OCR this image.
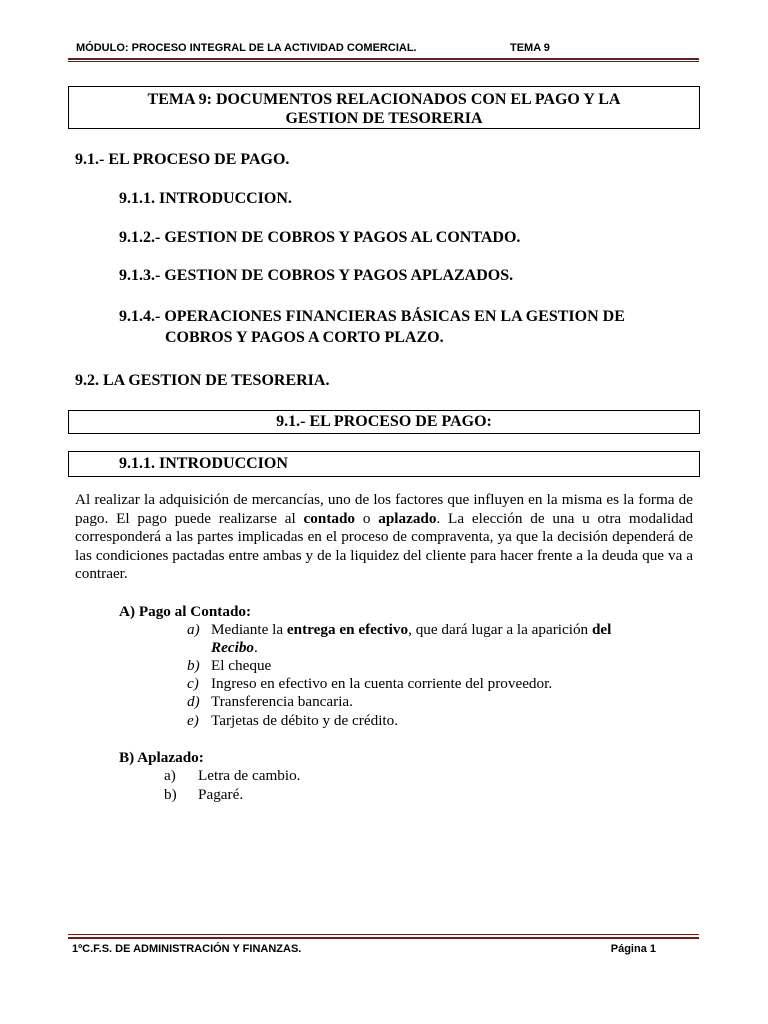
MÓDULO: PROCESO INTEGRAL DE LA ACTIVIDAD COMERCIAL.	TEMA 9
TEMA 9: DOCUMENTOS RELACIONADOS CON EL PAGO Y LA
GESTION DE TESORERIA
9.1.- EL PROCESO DE PAGO.
9.1.1. INTRODUCCION.
9.1.2.- GESTION DE COBROS Y PAGOS AL CONTADO.
9.1.3.- GESTION DE COBROS Y PAGOS APLAZADOS.
9.1.4.- OPERACIONES FINANCIERAS BÁSICAS EN LA GESTION DE
COBROS Y PAGOS A CORTO PLAZO.
9.2. LA GESTION DE TESORERIA.
9.1.- EL PROCESO DE PAGO:
9.1.1. INTRODUCCION
Al realizar la adquisición de mercancías, uno de los factores que influyen en la misma es la forma de pago. El pago puede realizarse al contado o aplazado. La elección de una u otra modalidad corresponderá a las partes implicadas en el proceso de compraventa, ya que la decisión dependerá de las condiciones pactadas entre ambas y de la liquidez del cliente para hacer frente a la deuda que va a contraer.
A) Pago al Contado:
a) Mediante la entrega en efectivo, que dará lugar a la aparición del
Recibo.
b) El cheque
c) Ingreso en efectivo en la cuenta corriente del proveedor.
d) Transferencia bancaria.
e) Tarjetas de débito y de crédito.
B) Aplazado:
a) Letra de cambio.
b) Pagaré.
1ºC.F.S. DE ADMINISTRACIÓN Y FINANZAS.	Página 1
